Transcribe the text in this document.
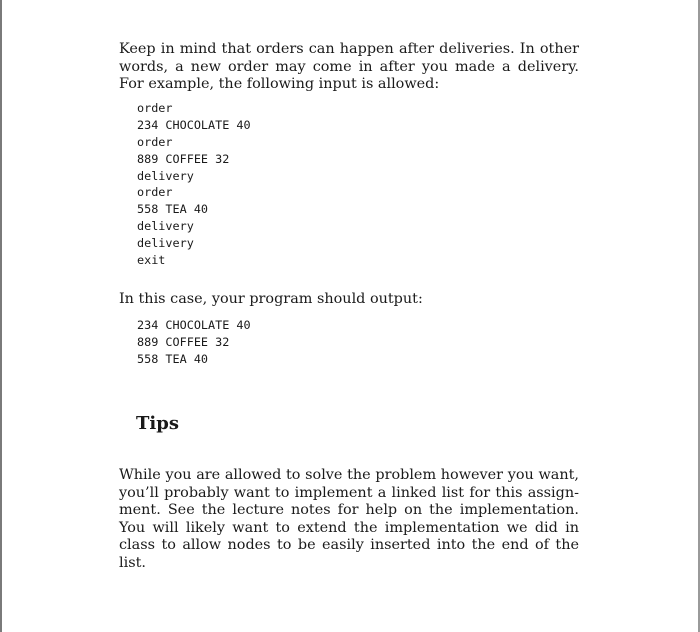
Keep in mind that orders can happen after deliveries. In other words, a new order may come in after you made a delivery. For example, the following input is allowed:

order
234 CHOCOLATE 40
order
889 COFFEE 32
delivery
order
558 TEA 40
delivery
delivery
exit

In this case, your program should output:

234 CHOCOLATE 40
889 COFFEE 32
558 TEA 40
Tips

While you are allowed to solve the problem however you want, you’ll probably want to implement a linked list for this assign-ment. See the lecture notes for help on the implementation. You will likely want to extend the implementation we did in class to allow nodes to be easily inserted into the end of the list.
